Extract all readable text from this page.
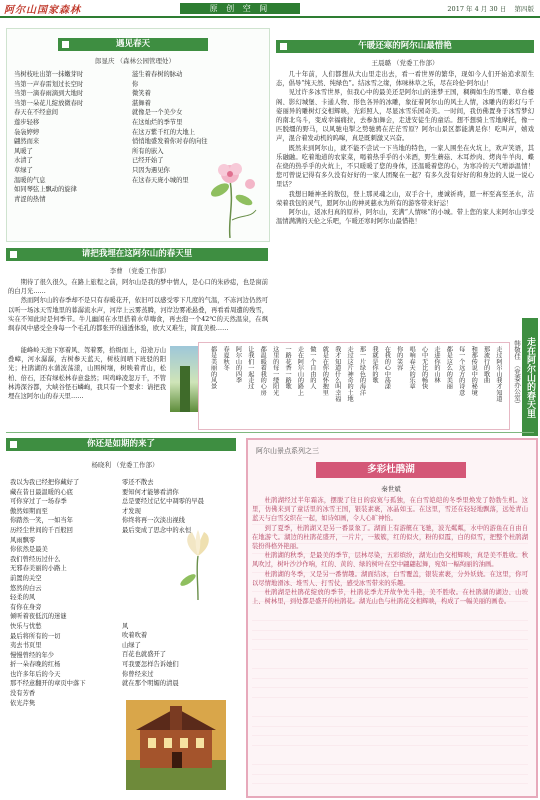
阿尔山国家森林	原 创 空 间	2017 年 4 月 30 日 第四版
遇见春天
郎显庆 （森林公园管理处）
当树枝吐出第一抹嫩芽时
当第一声春雷划过长空时
当第一滴春雨滴到大地时
当第一朵花儿绽放微春时
春天在不经意间
莲步轻移
袅袅婷婷
翩然而来
风暖了
水清了
草绿了
温暖的气息
如同琴弦上飘动的旋律
青涩的热情
滋生着春树的脉动
你
微笑着
湛舞着
就像是一个美少女
在这灿烂的季节里
在这万紫千红的大地上
悄悄地盛发着你对春的向往
所有的嵌入
已经开始了
只因为遇见你
在这春天庞小城的里
午暖还寒的阿尔山最惜艳
王晨璐 （党委工作部）

几十年前，人们都想从大山里走出去，看一看世界的繁华，现如今人们开始追求原生态，倡导“纯天然、纯绿色”。结冰雪之缘，体味林草之乐，尽在玲伦·阿尔山！

见过许多冰雪世界，但我心中的最美还是阿尔山的迷梦王国，稠稠如生的雪雕、草台楼阁、影幻城堡、卡通人物、形色各异的冰雕，象征着阿尔山的风土人情，冰雕内的彩灯与千姿丽异的雕树灯交相辉映，光彩照人，尽显冰雪乐园奇美。一时间，我仿佛置身于冰雪梦幻的南北乌斗，变成幸福痛拉，去参加舞会，走进安徒生的童话。想不想骑上雪地摩托，像一匹脱缰的野马，以风驰电掣之势驰骋在茫茫雪原？阿尔山景区都能满足你！吃叫声，嬉戏声，混合着发动机的呜嗥，真是既刺激又兴奋。

既然来到阿尔山，就不能不尝试一下当地的特色，一家人围坐在火坑上，欢声笑语，其乐融融。吃着地道的农家菜，喝着热乎乎的小米酒，野生蘑菇、木耳炒肉、烤肉牛羊肉、蝶在烧的热乎乎的火炕上，不只暖暖了您的身体，还温暖着您的心，为寒冷的天气增添温情！您可曾说记得有多久没有好好的一家人团聚在一起？有多久没有好好的和身边的人说一说心里话？

我想日睡神圣的敖包，登上那灵魂之山，双手合十，虔诚祈祷，愿一杯至高至圣水，洁荣着我包的灵气，愿阿尔山的神灵慈永为所有的游客带来好运！

阿尔山，返冰归真的原朴，阿尔山，充满“人情味”的小城。带上您的家人来阿尔山享受温情满满的天伦之乐吧，乍暖还寒时阿尔山最惜艳！

请把我埋在这阿尔山的春天里
李曹 （党委工作部）

期待了很久很久，在路上旅程之前，阿尔山是我的梦中情人，是心口的朱砂痣，也是窗前的白月光……

然而阿尔山的春季却不是只有春暖花开，依旧可以感受零下几度的气温，不冻河边仍然可以听一场冰天雪地里的暮潺流水声，河岸上云雾蒸腾，河岸边雾凇悬叠，再看看周遭的残雪，实在不知此时是何季节。牛儿幽闲在水里搭着水草嗨食，再去泡一个42℃的天然温泉，在飒飒春风中感受全身每一个毛孔的都张开的通透体验，欧大又难生，简直美极……

能峰岭天池下寒着风、驾着雾，拾级而上，沿途万山叠嶂，河水潺潺，古树参天蓝天，树枝间晒下班驳的阳光；杜鹃湖的水蒲波荡漾，山围树壤，树映着青山，松柏、倍石，还有绿松林春意盎然；叫鸡峰凌忽万千，不管林涛深谷都，大峡谷怪石嶙峋，我只有一个要求：请把我埋在这阿尔山的春天里……	走过阿尔山我才知道
那流行的歌曲
和那传说中的秘境
每一个远方的诗意
都是这么的美丽
走进你的山林
心中无比的畅快
唱响春天的乐章
你的笑容
在我的心中荡漾
我就是你的歌
那一片绿色的海洋
走过这片神奇的土地
我才知道什么叫幸福
就是在你的怀抱里
做一个自由的人
走在阿尔山的路上
一路花香一路歌
这里的每一缕阳光
都温暖着我的心房
让我们一起走过
阿尔山的四季
春夏秋冬
都是美丽的风景	韩敬佳 （党委办公室） 走在阿尔山的春天里
你还是如期的来了
杨晓利 （党委工作部）
我以为我已经把你藏好了
藏在昔日最温暖的心底
可你穿过了一场春季
傲然如期而至
你踏然一笑，一如当年
历经尘世间的千百般回
风雨飘零
你依然是最美
我们曾经历过什么
无邪春美丽的小路上
前置的关空
悠然的白云
轻柔的风
有你在身旁
倾听着夜低沉的迷谜
快乐与忧愁
最后将所有的一切
夷去书页里
慢慢曾经的年少
折一朵春晚的红杨
也许多年后的今天
那不经意翻开的章页中落下
没有芳香
依光芹隽
零还不散去
要知何才能够看清你
总是要经过记忆中凋零的早晨
才发现
你终将再一次淡出视线
最后变成了思念中的永恒
风
吹着吹着
山绿了
百花也就盛开了
可我要怎样告诉她们
你曾经来过
就在那个明媚的清晨
阿尔山景点系列之三
多彩杜鹃湖
秦世斌

杜鹃湖经过半年霜冻，摆脱了往日的寂寞与孤独，在白雪皑皑的冬季里焕发了勃勃生机。这里，仿佛来到了童话里的冰雪王国，银装素裹，冰晶如玉。在这里，雪还在轻轻地飘落，远处青山蓝天与白雪交织在一起，如诗如画，令人心旷神怡。

到了夏季，杜鹃湖又是另一番景象了。湖面上有游艇在飞驰，波光粼粼，水中的游鱼在自由自在地游弋。湖边的杜鹃花盛开，一片片，一簇簇，红的似火，粉的似霞，白的似雪，把整个杜鹃湖装扮得格外艳丽。

杜鹃湖的秋季，是最美的季节，层林尽染，五彩缤纷，湖光山色交相辉映，真是美不胜收。秋风吹过，树叶沙沙作响，红的、黄的、绿的树叶在空中翩翩起舞，宛如一幅绚丽的油画。

杜鹃湖的冬季，又是另一番情趣。湖面结冰，白雪覆盖，银装素裹，分外妖娆。在这里，你可以尽情地滑冰、堆雪人、打雪仗，感受冰雪带来的乐趣。

杜鹃湖是杜鹃花绽放的季节，杜鹃花季尤开故争先斗艳，美不胜收。在杜鹃湖的湖边、山坡上、树林里，到处都是盛开的杜鹃花。湖光山色与杜鹃花交相辉映，构成了一幅美丽的画卷。
